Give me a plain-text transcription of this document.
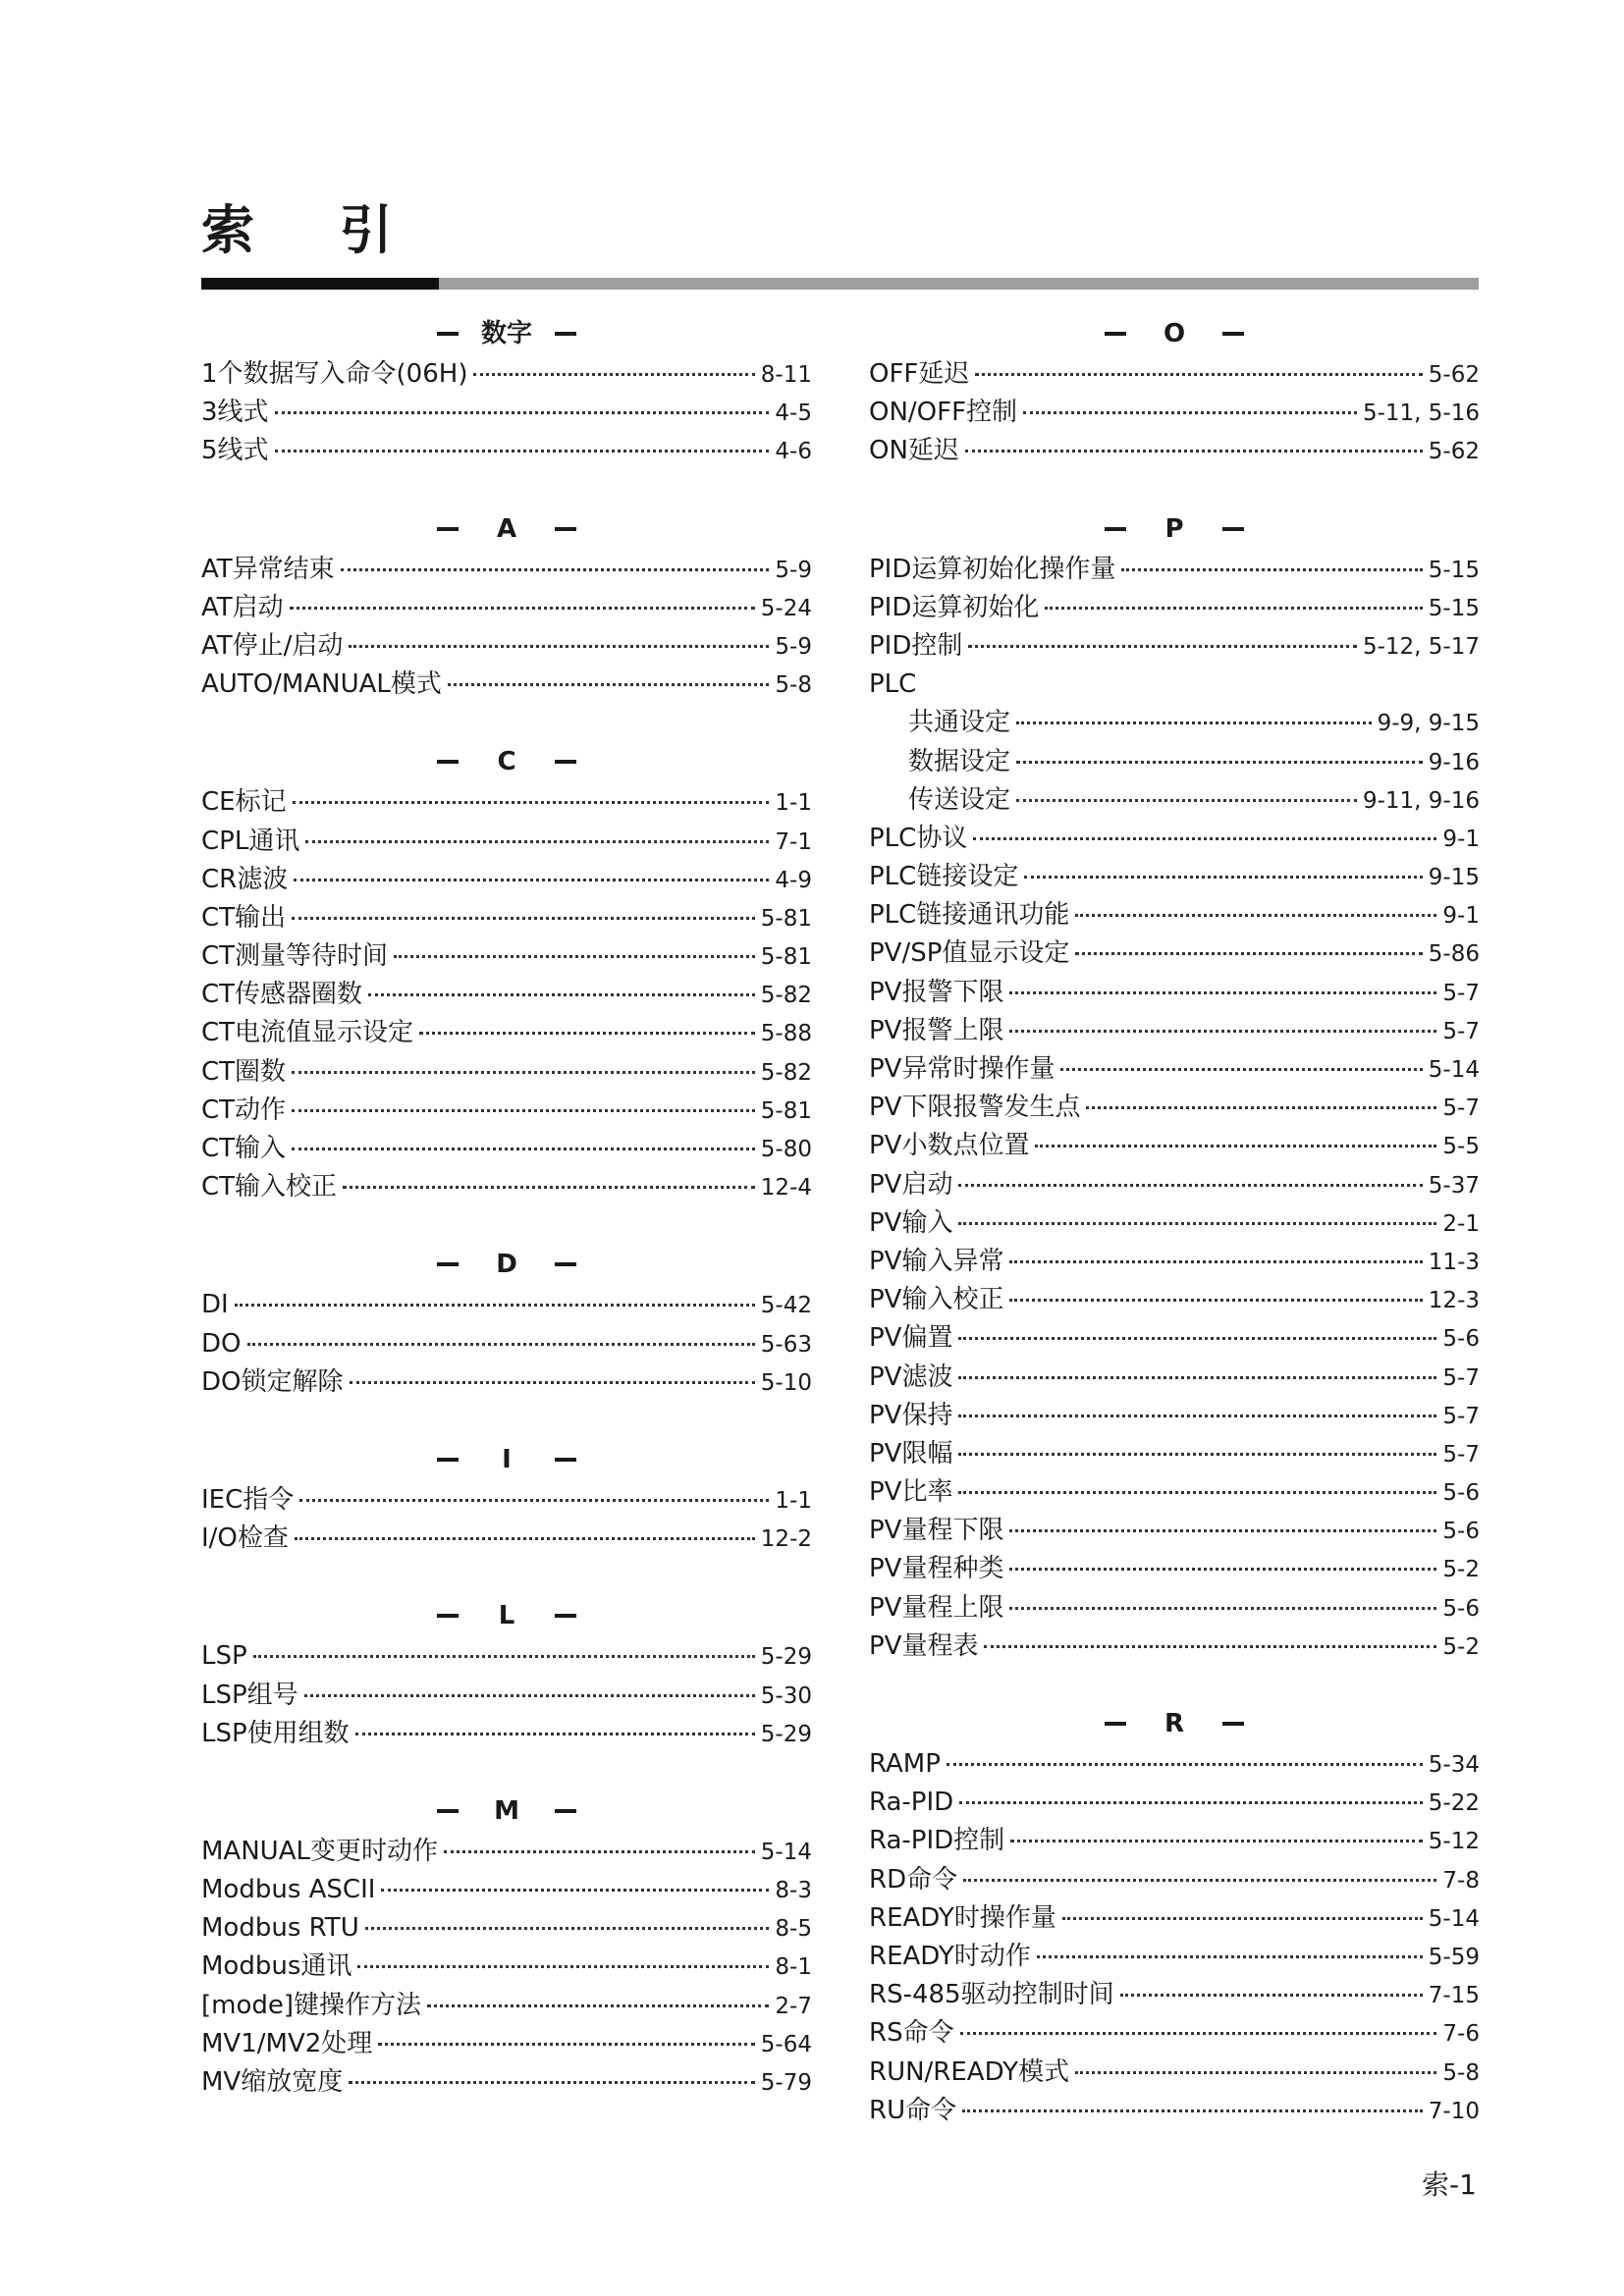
索 引
数字
1个数据写入命令(06H)	8-11
3线式	4-5
5线式	4-6
A
AT异常结束	5-9
AT启动	5-24
AT停止/启动	5-9
AUTO/MANUAL模式	5-8
C
CE标记	1-1
CPL通讯	7-1
CR滤波	4-9
CT输出	5-81
CT测量等待时间	5-81
CT传感器圈数	5-82
CT电流值显示设定	5-88
CT圈数	5-82
CT动作	5-81
CT输入	5-80
CT输入校正	12-4
D
DI	5-42
DO	5-63
DO锁定解除	5-10
I
IEC指令	1-1
I/O检查	12-2
L
LSP	5-29
LSP组号	5-30
LSP使用组数	5-29
M
MANUAL变更时动作	5-14
Modbus ASCII	8-3
Modbus RTU	8-5
Modbus通讯	8-1
[mode]键操作方法	2-7
MV1/MV2处理	5-64
MV缩放宽度	5-79
O
OFF延迟	5-62
ON/OFF控制	5-11, 5-16
ON延迟	5-62
P
PID运算初始化操作量	5-15
PID运算初始化	5-15
PID控制	5-12, 5-17
PLC
共通设定	9-9, 9-15
数据设定	9-16
传送设定	9-11, 9-16
PLC协议	9-1
PLC链接设定	9-15
PLC链接通讯功能	9-1
PV/SP值显示设定	5-86
PV报警下限	5-7
PV报警上限	5-7
PV异常时操作量	5-14
PV下限报警发生点	5-7
PV小数点位置	5-5
PV启动	5-37
PV输入	2-1
PV输入异常	11-3
PV输入校正	12-3
PV偏置	5-6
PV滤波	5-7
PV保持	5-7
PV限幅	5-7
PV比率	5-6
PV量程下限	5-6
PV量程种类	5-2
PV量程上限	5-6
PV量程表	5-2
R
RAMP	5-34
Ra-PID	5-22
Ra-PID控制	5-12
RD命令	7-8
READY时操作量	5-14
READY时动作	5-59
RS-485驱动控制时间	7-15
RS命令	7-6
RUN/READY模式	5-8
RU命令	7-10

索-1
